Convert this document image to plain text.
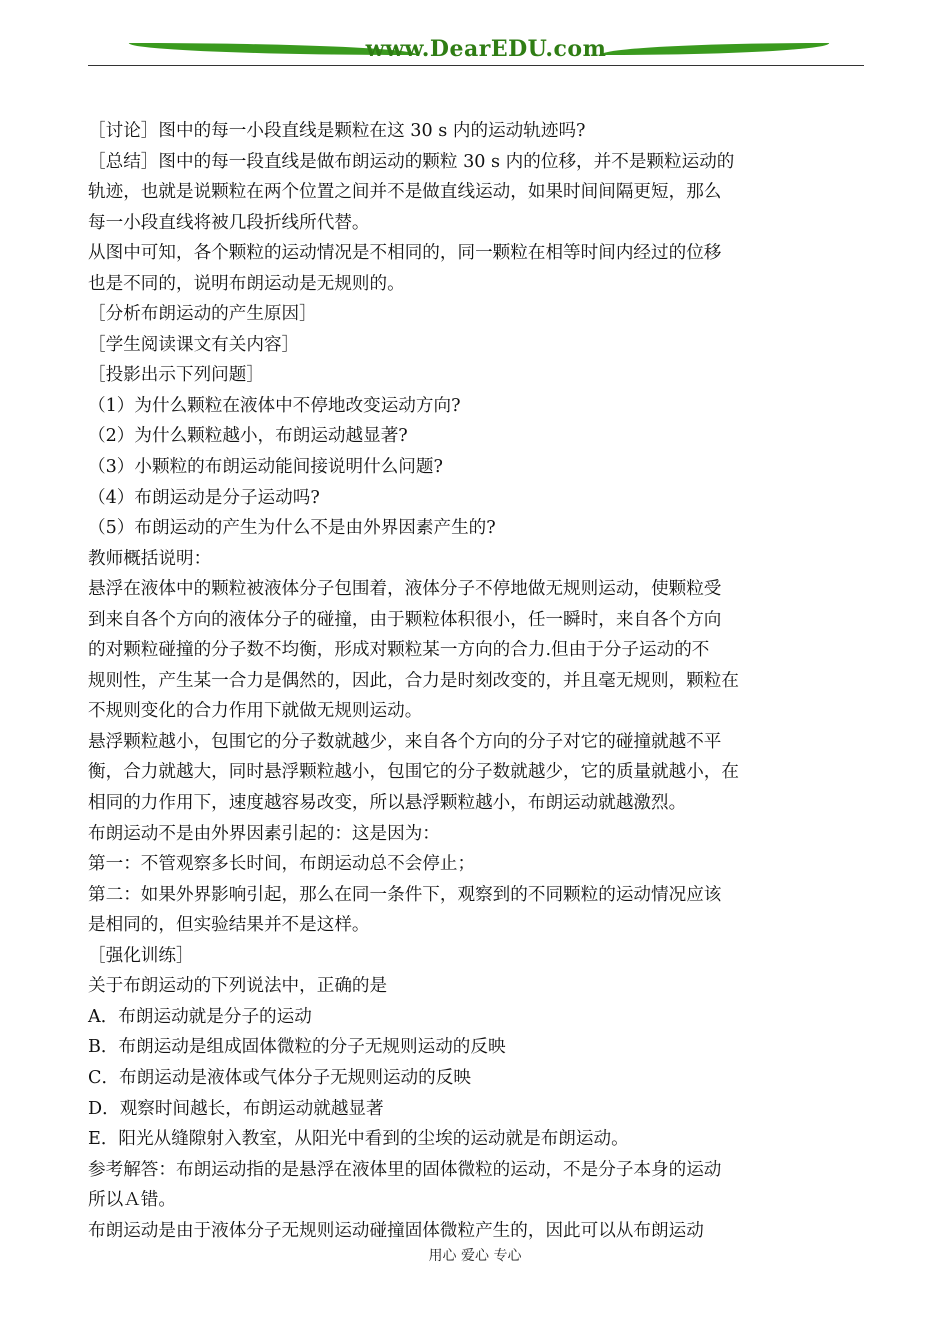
www.DearEDU.com
［讨论］图中的每一小段直线是颗粒在这 30 s 内的运动轨迹吗?
［总结］图中的每一段直线是做布朗运动的颗粒 30 s 内的位移，并不是颗粒运动的
轨迹，也就是说颗粒在两个位置之间并不是做直线运动，如果时间间隔更短，那么
每一小段直线将被几段折线所代替。
从图中可知，各个颗粒的运动情况是不相同的，同一颗粒在相等时间内经过的位移
也是不同的，说明布朗运动是无规则的。
［分析布朗运动的产生原因］
［学生阅读课文有关内容］
［投影出示下列问题］
（1）为什么颗粒在液体中不停地改变运动方向?
（2）为什么颗粒越小，布朗运动越显著?
（3）小颗粒的布朗运动能间接说明什么问题?
（4）布朗运动是分子运动吗?
（5）布朗运动的产生为什么不是由外界因素产生的?
教师概括说明：
悬浮在液体中的颗粒被液体分子包围着，液体分子不停地做无规则运动，使颗粒受
到来自各个方向的液体分子的碰撞，由于颗粒体积很小，任一瞬时，来自各个方向
的对颗粒碰撞的分子数不均衡，形成对颗粒某一方向的合力.但由于分子运动的不
规则性，产生某一合力是偶然的，因此，合力是时刻改变的，并且毫无规则，颗粒在
不规则变化的合力作用下就做无规则运动。
悬浮颗粒越小，包围它的分子数就越少，来自各个方向的分子对它的碰撞就越不平
衡，合力就越大，同时悬浮颗粒越小，包围它的分子数就越少，它的质量就越小，在
相同的力作用下，速度越容易改变，所以悬浮颗粒越小，布朗运动就越激烈。
布朗运动不是由外界因素引起的：这是因为：
第一：不管观察多长时间，布朗运动总不会停止；
第二：如果外界影响引起，那么在同一条件下，观察到的不同颗粒的运动情况应该
是相同的，但实验结果并不是这样。
［强化训练］
关于布朗运动的下列说法中，正确的是
A．布朗运动就是分子的运动
B．布朗运动是组成固体微粒的分子无规则运动的反映
C．布朗运动是液体或气体分子无规则运动的反映
D．观察时间越长，布朗运动就越显著
E．阳光从缝隙射入教室，从阳光中看到的尘埃的运动就是布朗运动。
参考解答：布朗运动指的是悬浮在液体里的固体微粒的运动，不是分子本身的运动
所以Ａ错。
布朗运动是由于液体分子无规则运动碰撞固体微粒产生的，因此可以从布朗运动
用心 爱心 专心
